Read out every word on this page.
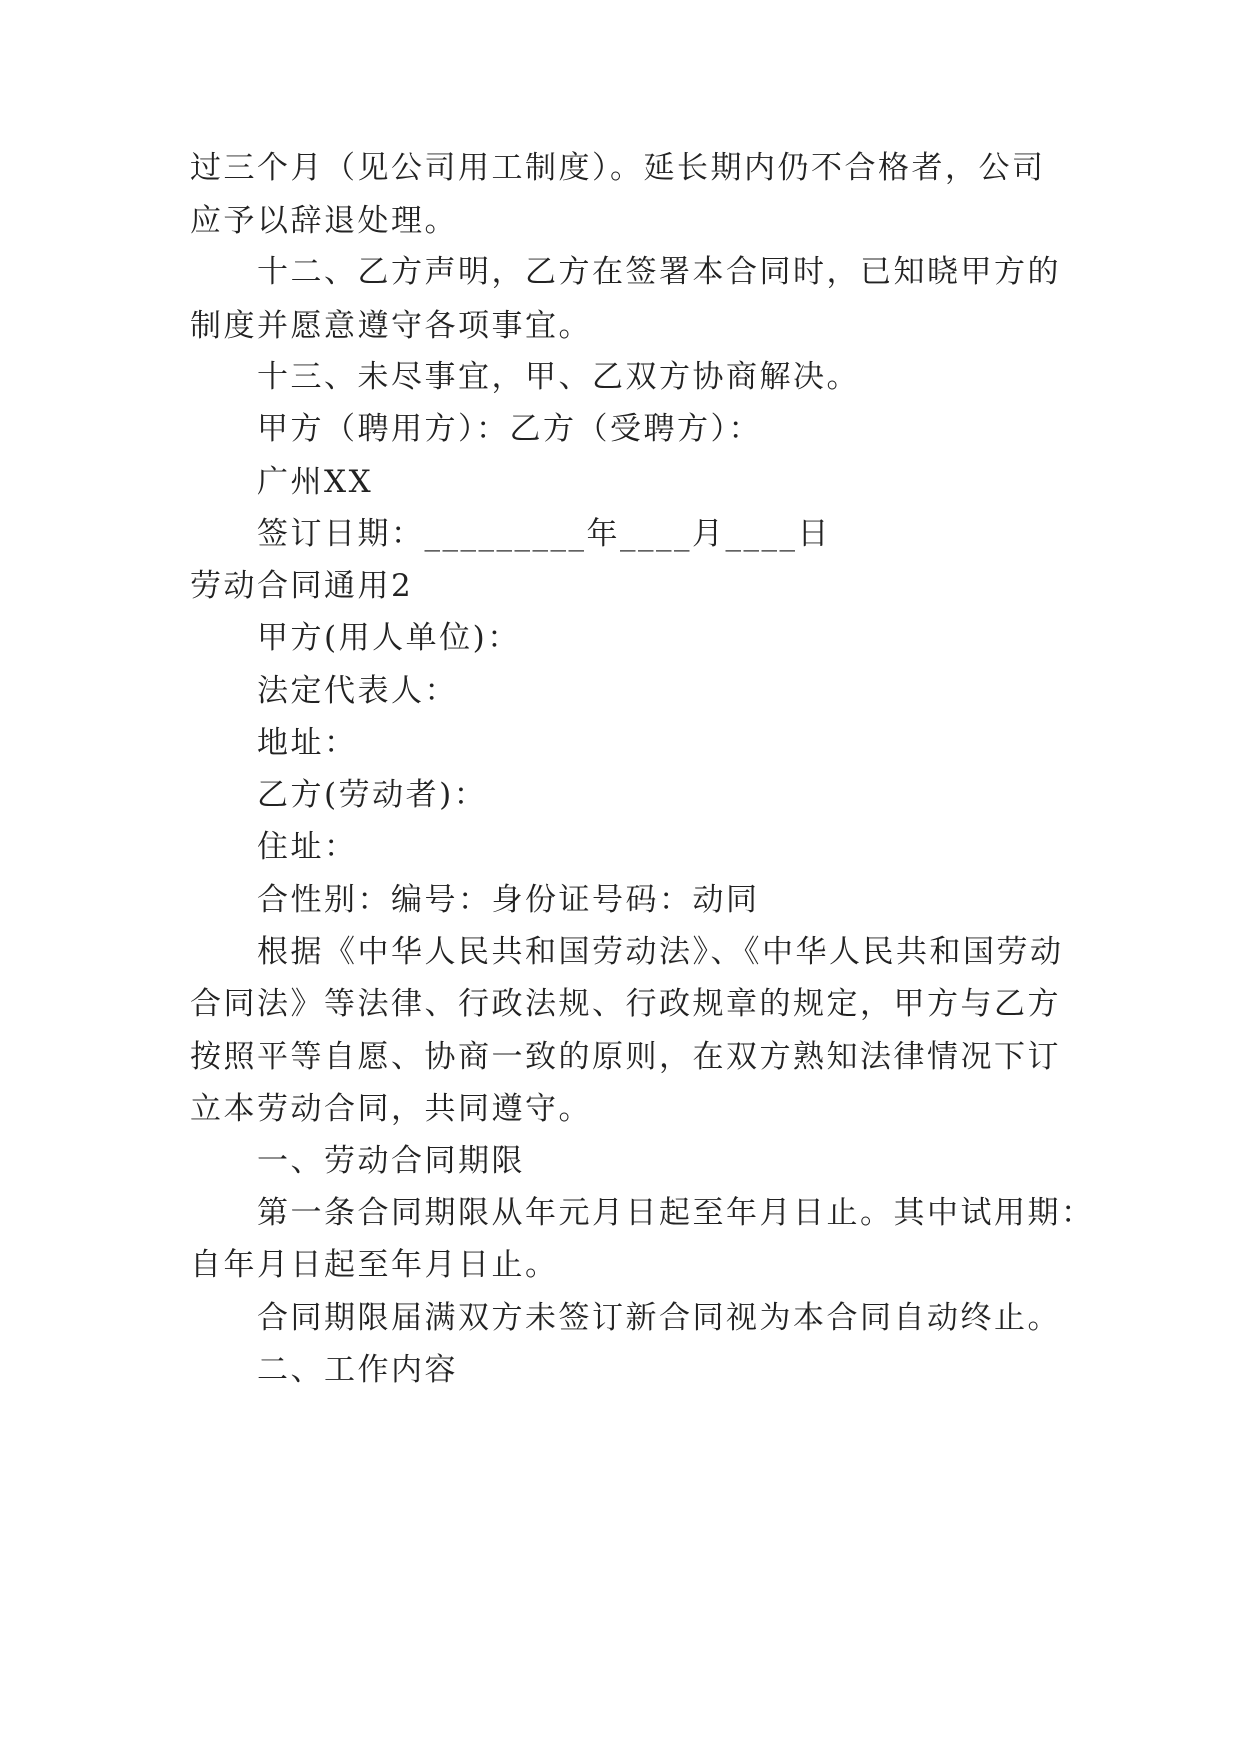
过三个月（见公司用工制度）。延长期内仍不合格者，公司
应予以辞退处理。
十二、乙方声明，乙方在签署本合同时，已知晓甲方的
制度并愿意遵守各项事宜。
十三、未尽事宜，甲、乙双方协商解决。
甲方（聘用方）：乙方（受聘方）：
广州XX
签订日期：_________年____月____日
劳动合同通用2
甲方(用人单位)：
法定代表人：
地址：
乙方(劳动者)：
住址：
合性别：编号：身份证号码：动同
根据《中华人民共和国劳动法》、《中华人民共和国劳动
合同法》等法律、行政法规、行政规章的规定，甲方与乙方
按照平等自愿、协商一致的原则，在双方熟知法律情况下订
立本劳动合同，共同遵守。
一、劳动合同期限
第一条合同期限从年元月日起至年月日止。其中试用期：
自年月日起至年月日止。
合同期限届满双方未签订新合同视为本合同自动终止。
二、工作内容
